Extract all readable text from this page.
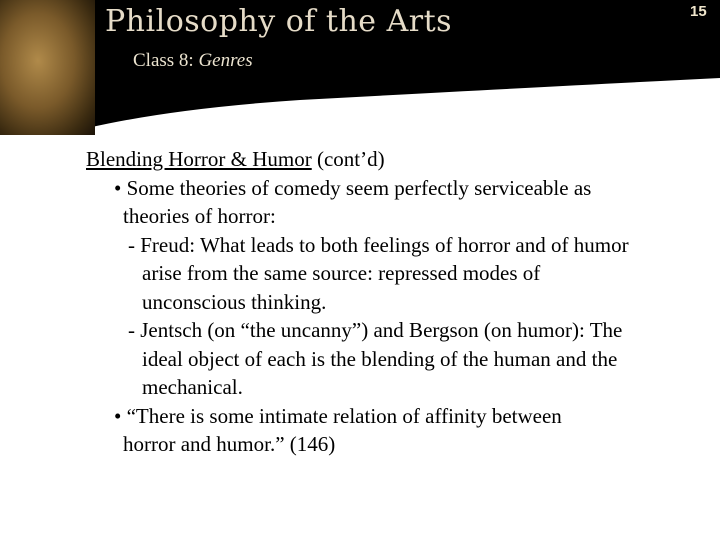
Philosophy of the Arts
Class 8: Genres
15
Blending Horror & Humor (cont’d)
• Some theories of comedy seem perfectly serviceable as
theories of horror:
- Freud: What leads to both feelings of horror and of humor
arise from the same source: repressed modes of
unconscious thinking.
- Jentsch (on “the uncanny”) and Bergson (on humor): The
ideal object of each is the blending of the human and the
mechanical.
• “There is some intimate relation of affinity between
horror and humor.” (146)
